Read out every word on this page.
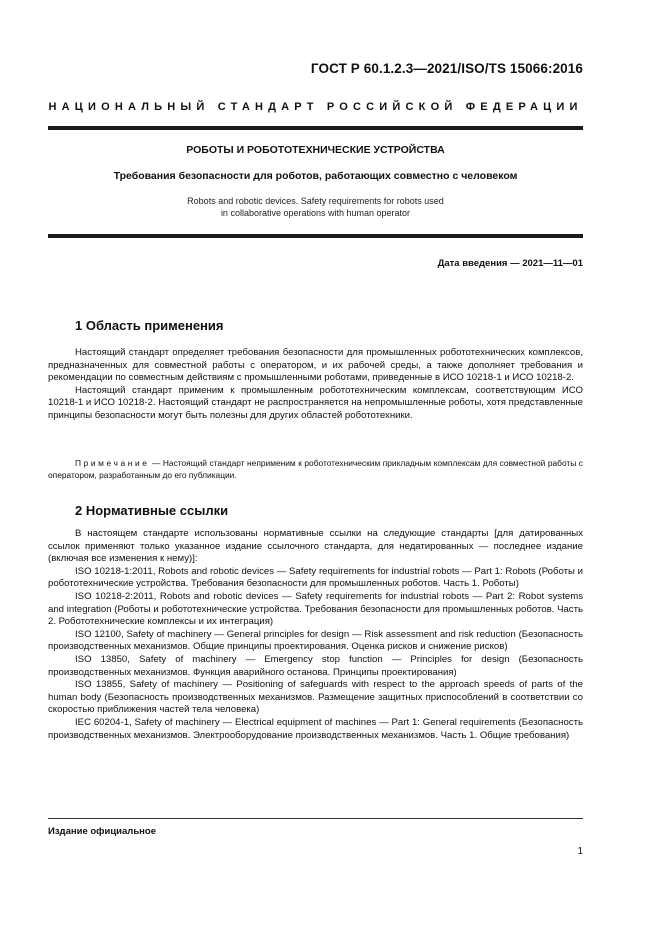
ГОСТ Р 60.1.2.3—2021/ISO/TS 15066:2016
НАЦИОНАЛЬНЫЙ СТАНДАРТ РОССИЙСКОЙ ФЕДЕРАЦИИ
РОБОТЫ И РОБОТОТЕХНИЧЕСКИЕ УСТРОЙСТВА
Требования безопасности для роботов, работающих совместно с человеком
Robots and robotic devices. Safety requirements for robots used
in collaborative operations with human operator
Дата введения — 2021—11—01
1 Область применения

Настоящий стандарт определяет требования безопасности для промышленных робототехнических комплексов, предназначенных для совместной работы с оператором, и их рабочей среды, а также дополняет требования и рекомендации по совместным действиям с промышленными роботами, приведенные в ИСО 10218-1 и ИСО 10218-2.

Настоящий стандарт применим к промышленным робототехническим комплексам, соответствующим ИСО 10218-1 и ИСО 10218-2. Настоящий стандарт не распространяется на непромышленные роботы, хотя представленные принципы безопасности могут быть полезны для других областей робототехники.

Примечание — Настоящий стандарт неприменим к робототехническим прикладным комплексам для совместной работы с оператором, разработанным до его публикации.
2 Нормативные ссылки

В настоящем стандарте использованы нормативные ссылки на следующие стандарты [для датированных ссылок применяют только указанное издание ссылочного стандарта, для недатированных — последнее издание (включая все изменения к нему)]:

ISO 10218-1:2011, Robots and robotic devices — Safety requirements for industrial robots — Part 1: Robots (Роботы и робототехнические устройства. Требования безопасности для промышленных роботов. Часть 1. Роботы)

ISO 10218-2:2011, Robots and robotic devices — Safety requirements for industrial robots — Part 2: Robot systems and integration (Роботы и робототехнические устройства. Требования безопасности для промышленных роботов. Часть 2. Робототехнические комплексы и их интеграция)

ISO 12100, Safety of machinery — General principles for design — Risk assessment and risk reduction (Безопасность производственных механизмов. Общие принципы проектирования. Оценка рисков и снижение рисков)

ISO 13850, Safety of machinery — Emergency stop function — Principles for design (Безопасность производственных механизмов. Функция аварийного останова. Принципы проектирования)

ISO 13855, Safety of machinery — Positioning of safeguards with respect to the approach speeds of parts of the human body (Безопасность производственных механизмов. Размещение защитных приспособлений в соответствии со скоростью приближения частей тела человека)

IEC 60204-1, Safety of machinery — Electrical equipment of machines — Part 1: General requirements (Безопасность производственных механизмов. Электрооборудование производственных механизмов. Часть 1. Общие требования)

Издание официальное
1
